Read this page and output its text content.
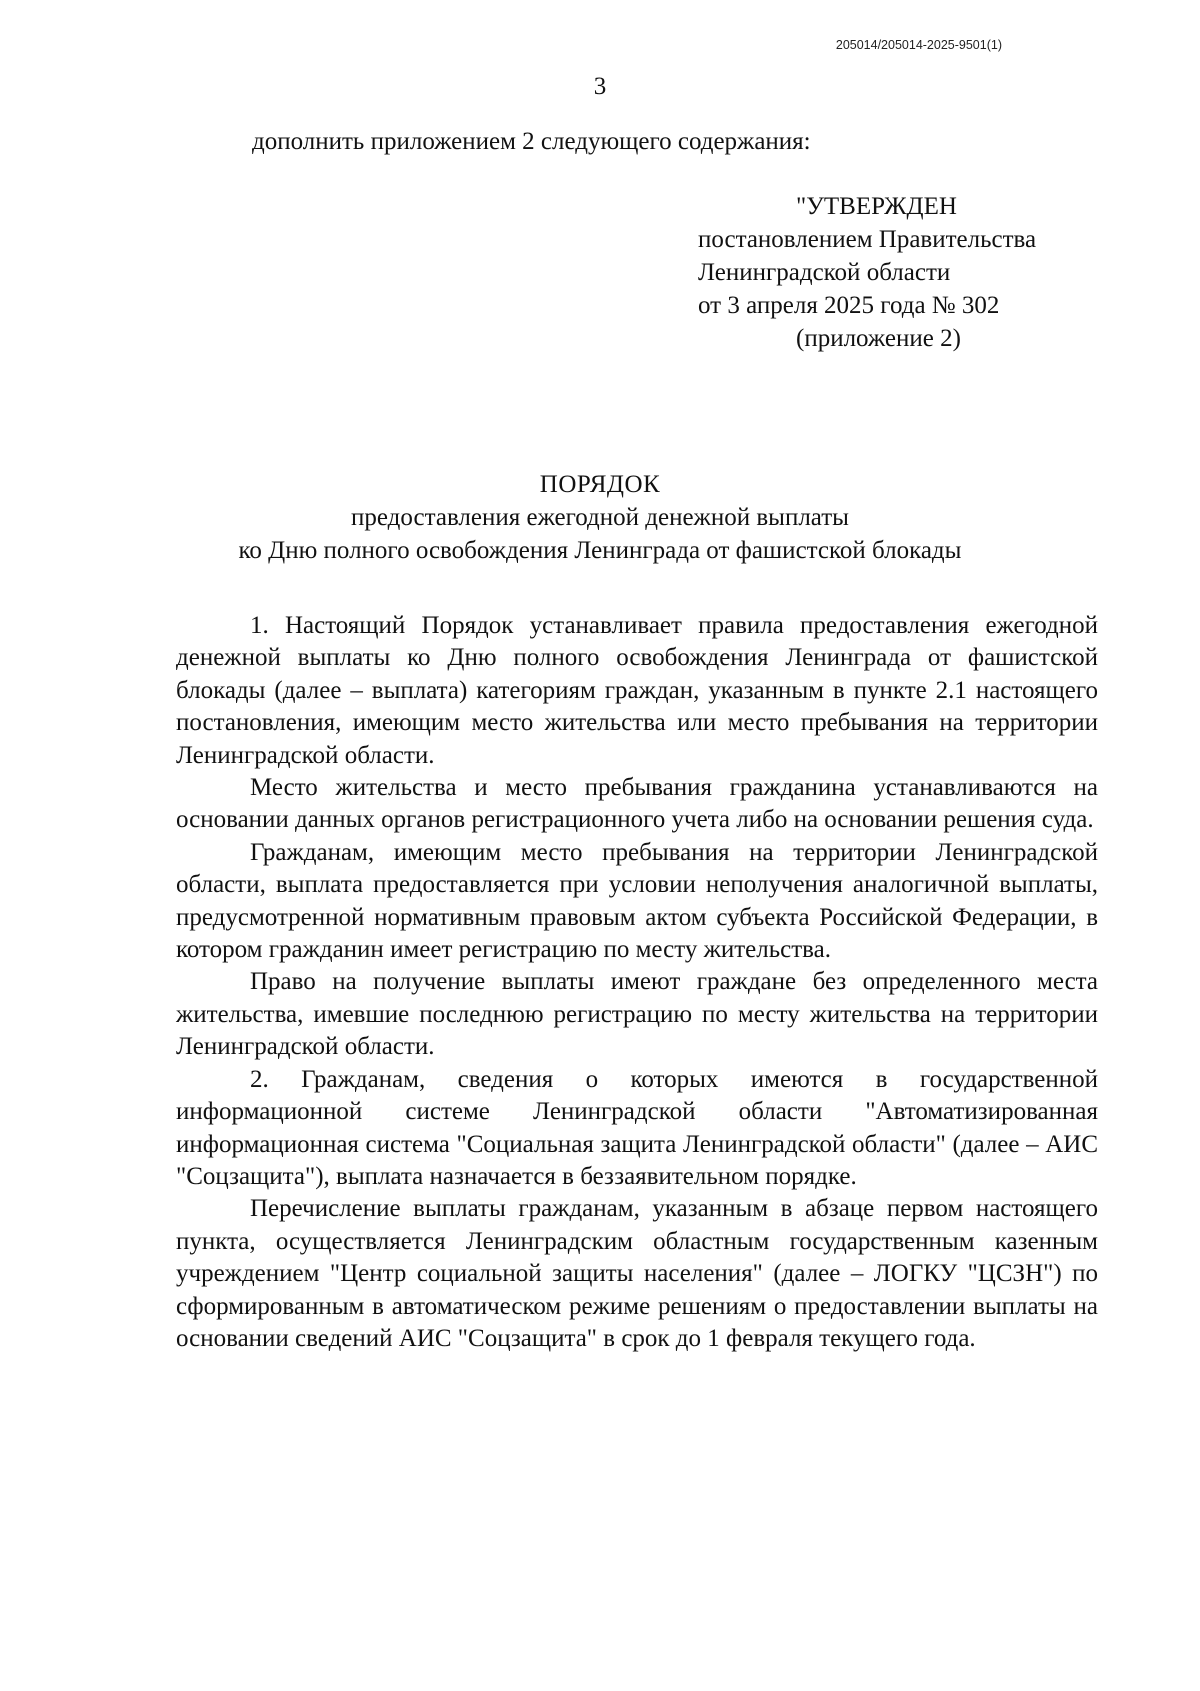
205014/205014-2025-9501(1)
3
дополнить приложением 2 следующего содержания:
"УТВЕРЖДЕН
постановлением Правительства
Ленинградской области
от 3 апреля 2025 года № 302
(приложение 2)
ПОРЯДОК
предоставления ежегодной денежной выплаты
ко Дню полного освобождения Ленинграда от фашистской блокады

1. Настоящий Порядок устанавливает правила предоставления ежегодной денежной выплаты ко Дню полного освобождения Ленинграда от фашистской блокады (далее – выплата) категориям граждан, указанным в пункте 2.1 настоящего постановления, имеющим место жительства или место пребывания на территории Ленинградской области.

Место жительства и место пребывания гражданина устанавливаются на основании данных органов регистрационного учета либо на основании решения суда.

Гражданам, имеющим место пребывания на территории Ленинградской области, выплата предоставляется при условии неполучения аналогичной выплаты, предусмотренной нормативным правовым актом субъекта Российской Федерации, в котором гражданин имеет регистрацию по месту жительства.

Право на получение выплаты имеют граждане без определенного места жительства, имевшие последнюю регистрацию по месту жительства на территории Ленинградской области.

2. Гражданам, сведения о которых имеются в государственной информационной системе Ленинградской области "Автоматизированная информационная система "Социальная защита Ленинградской области" (далее – АИС "Соцзащита"), выплата назначается в беззаявительном порядке.

Перечисление выплаты гражданам, указанным в абзаце первом настоящего пункта, осуществляется Ленинградским областным государственным казенным учреждением "Центр социальной защиты населения" (далее – ЛОГКУ "ЦСЗН") по сформированным в автоматическом режиме решениям о предоставлении выплаты на основании сведений АИС "Соцзащита" в срок до 1 февраля текущего года.
